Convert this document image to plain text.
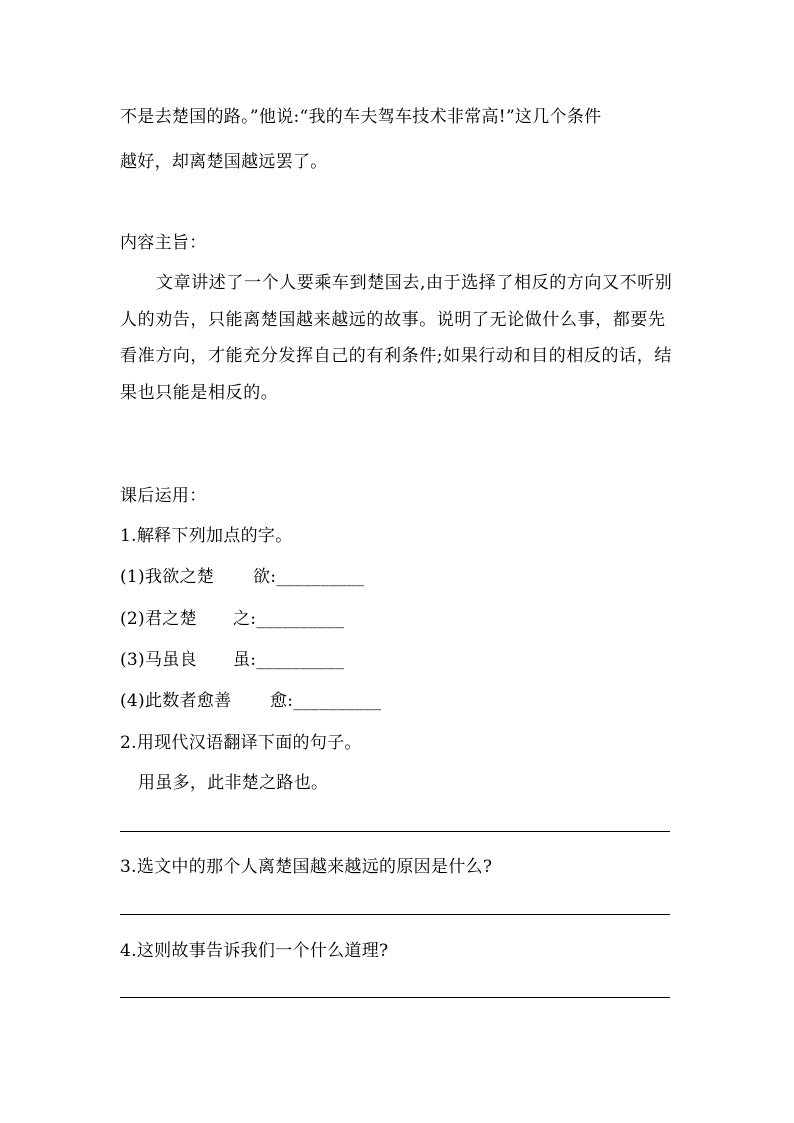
不是去楚国的路。”他说:“我的车夫驾车技术非常高!”这几个条件
越好，却离楚国越远罢了。
内容主旨：

文章讲述了一个人要乘车到楚国去,由于选择了相反的方向又不听别人的劝告，只能离楚国越来越远的故事。说明了无论做什么事，都要先看准方向，才能充分发挥自己的有利条件;如果行动和目的相反的话，结果也只能是相反的。

课后运用：
1.解释下列加点的字。
(1)我欲之楚 欲:__________
(2)君之楚 之:__________
(3)马虽良 虽:__________
(4)此数者愈善 愈:__________
2.用现代汉语翻译下面的句子。
用虽多，此非楚之路也。
3.选文中的那个人离楚国越来越远的原因是什么?
4.这则故事告诉我们一个什么道理?
